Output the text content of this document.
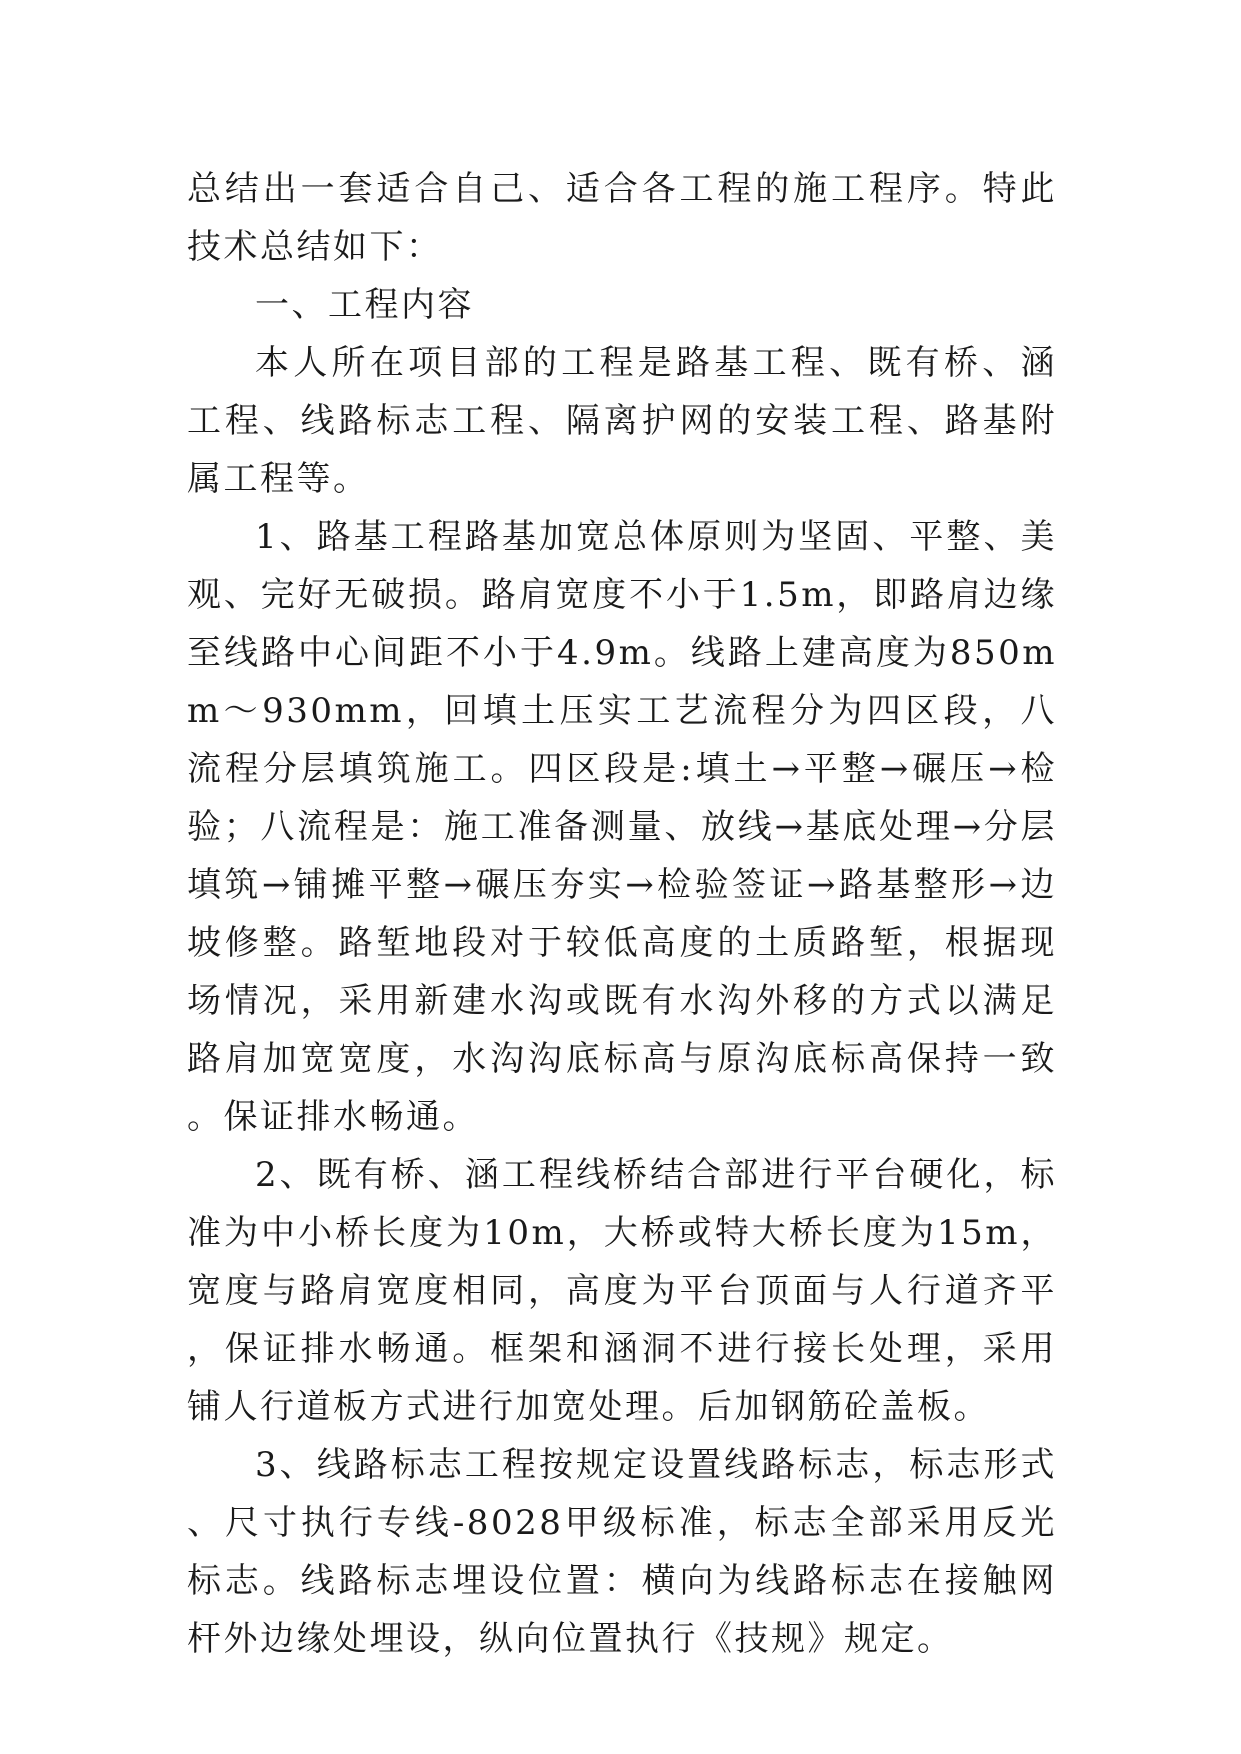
总结出一套适合自己、适合各工程的施工程序。特此技术总结如下：

一、工程内容

本人所在项目部的工程是路基工程、既有桥、涵工程、线路标志工程、隔离护网的安装工程、路基附属工程等。

1、路基工程路基加宽总体原则为坚固、平整、美观、完好无破损。路肩宽度不小于1.5m，即路肩边缘至线路中心间距不小于4.9m。线路上建高度为850mm～930mm，回填土压实工艺流程分为四区段，八流程分层填筑施工。四区段是:填土→平整→碾压→检验；八流程是：施工准备测量、放线→基底处理→分层填筑→铺摊平整→碾压夯实→检验签证→路基整形→边坡修整。路堑地段对于较低高度的土质路堑，根据现场情况，采用新建水沟或既有水沟外移的方式以满足路肩加宽宽度，水沟沟底标高与原沟底标高保持一致。保证排水畅通。

2、既有桥、涵工程线桥结合部进行平台硬化，标准为中小桥长度为10m，大桥或特大桥长度为15m，宽度与路肩宽度相同，高度为平台顶面与人行道齐平，保证排水畅通。框架和涵洞不进行接长处理，采用铺人行道板方式进行加宽处理。后加钢筋砼盖板。

3、线路标志工程按规定设置线路标志，标志形式、尺寸执行专线-8028甲级标准，标志全部采用反光标志。线路标志埋设位置：横向为线路标志在接触网杆外边缘处埋设，纵向位置执行《技规》规定。
